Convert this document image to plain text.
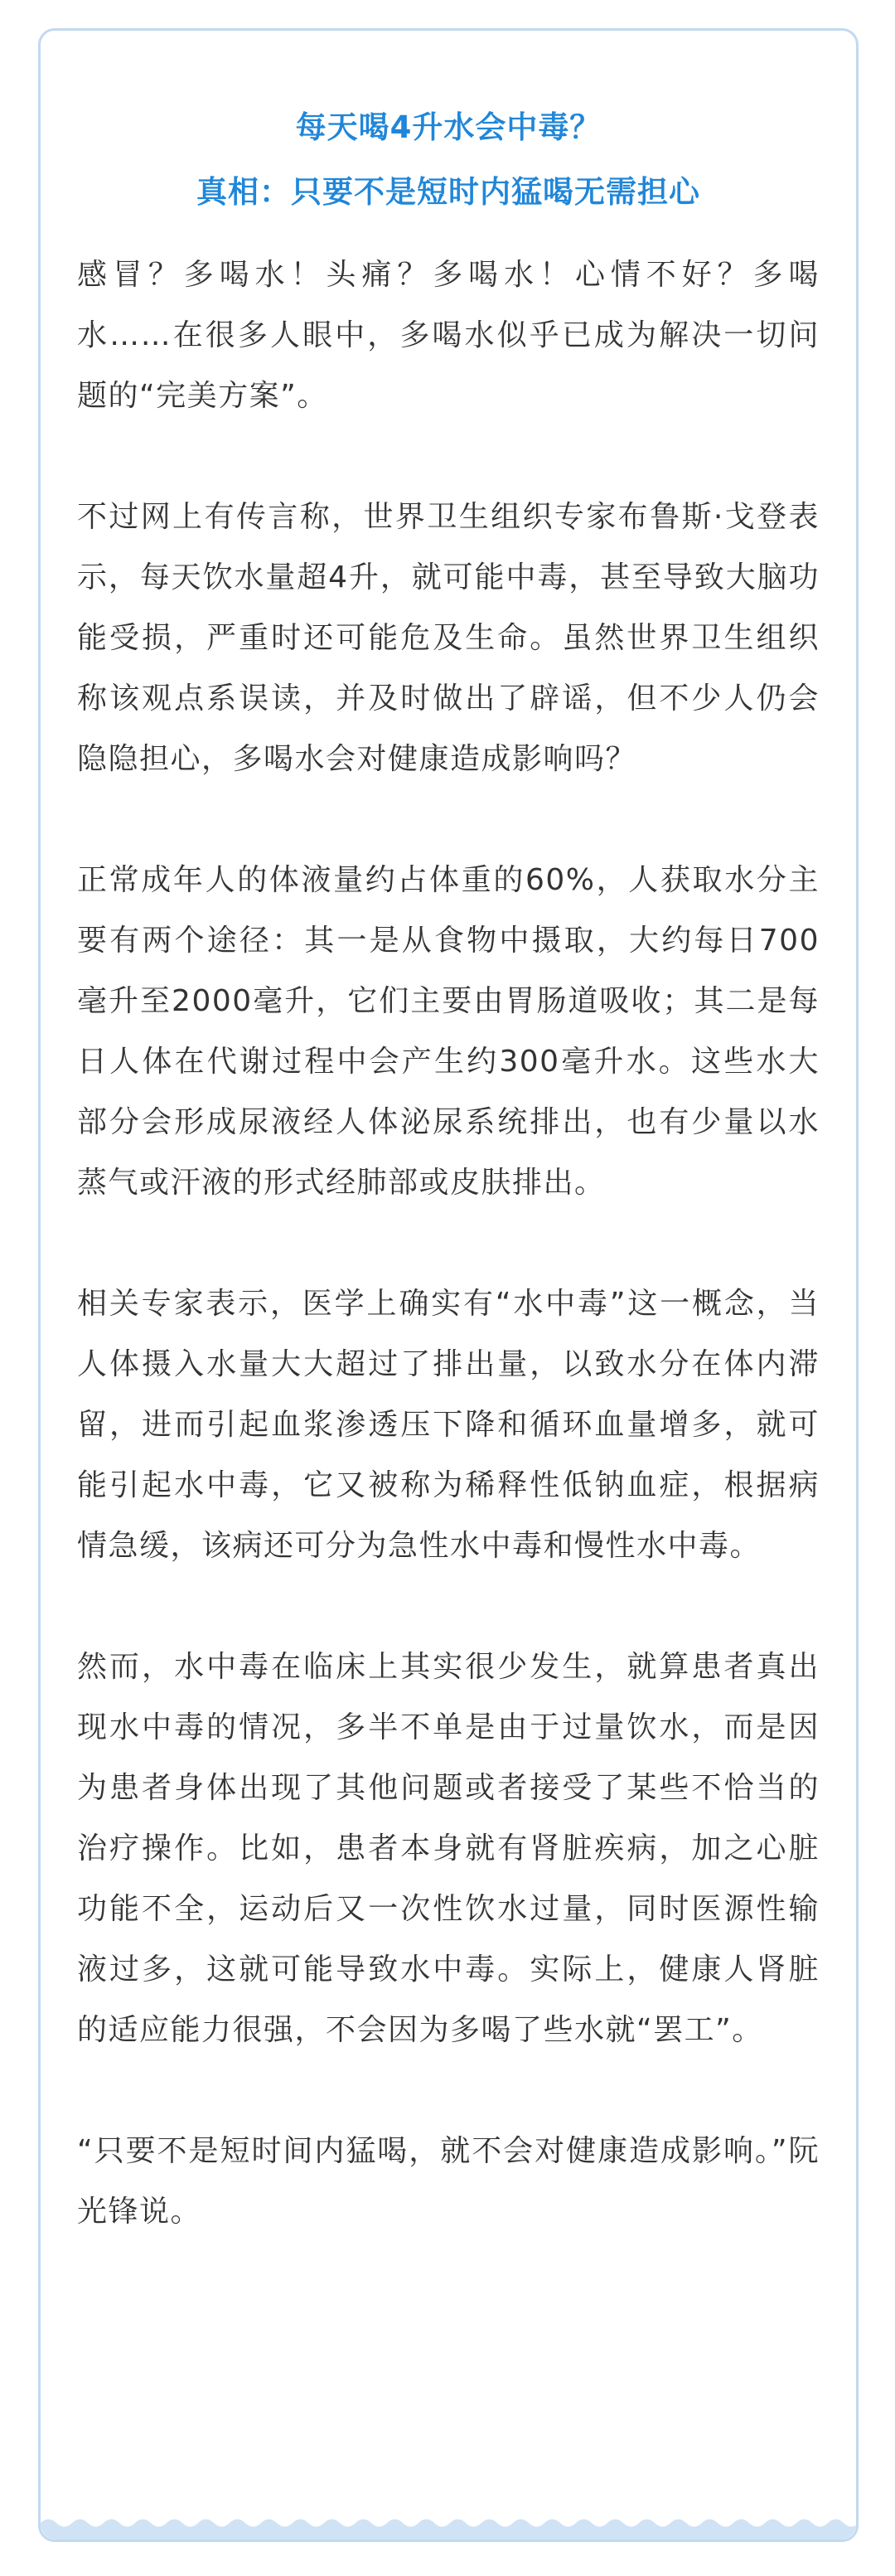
每天喝4升水会中毒？
真相：只要不是短时内猛喝无需担心

感冒？多喝水！头痛？多喝水！心情不好？多喝水……在很多人眼中，多喝水似乎已成为解决一切问题的“完美方案”。

不过网上有传言称，世界卫生组织专家布鲁斯·戈登表示，每天饮水量超4升，就可能中毒，甚至导致大脑功能受损，严重时还可能危及生命。虽然世界卫生组织称该观点系误读，并及时做出了辟谣，但不少人仍会隐隐担心，多喝水会对健康造成影响吗？

正常成年人的体液量约占体重的60%，人获取水分主要有两个途径：其一是从食物中摄取，大约每日700毫升至2000毫升，它们主要由胃肠道吸收；其二是每日人体在代谢过程中会产生约300毫升水。这些水大部分会形成尿液经人体泌尿系统排出，也有少量以水蒸气或汗液的形式经肺部或皮肤排出。

相关专家表示，医学上确实有“水中毒”这一概念，当人体摄入水量大大超过了排出量，以致水分在体内滞留，进而引起血浆渗透压下降和循环血量增多，就可能引起水中毒，它又被称为稀释性低钠血症，根据病情急缓，该病还可分为急性水中毒和慢性水中毒。

然而，水中毒在临床上其实很少发生，就算患者真出现水中毒的情况，多半不单是由于过量饮水，而是因为患者身体出现了其他问题或者接受了某些不恰当的治疗操作。比如，患者本身就有肾脏疾病，加之心脏功能不全，运动后又一次性饮水过量，同时医源性输液过多，这就可能导致水中毒。实际上，健康人肾脏的适应能力很强，不会因为多喝了些水就“罢工”。

“只要不是短时间内猛喝，就不会对健康造成影响。”阮光锋说。
